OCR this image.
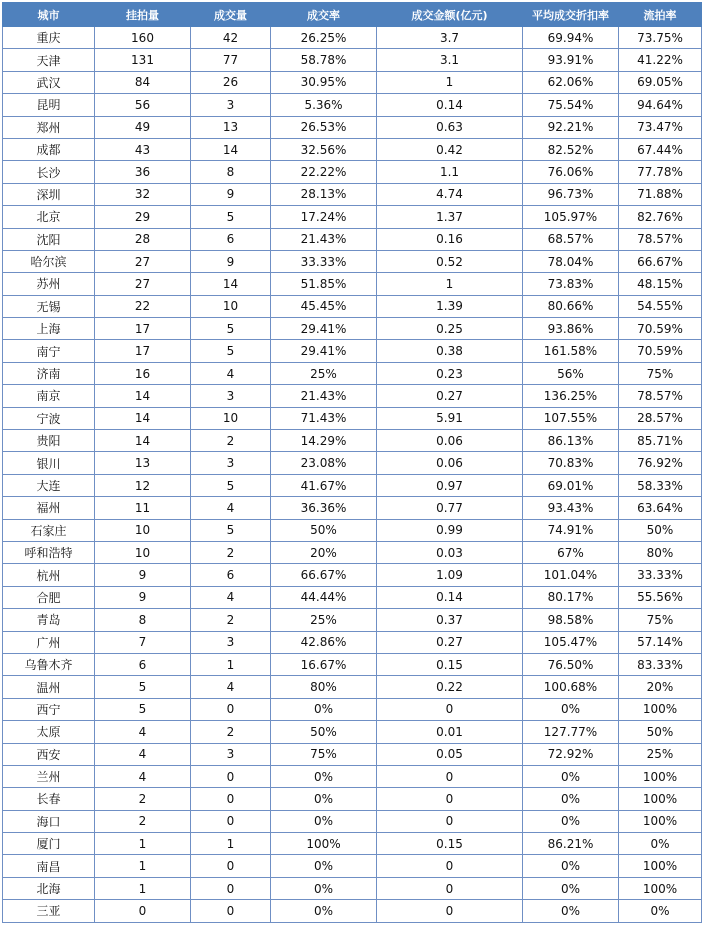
城市	挂拍量	成交量	成交率	成交金额(亿元)	平均成交折扣率	流拍率
重庆	160	42	26.25%	3.7	69.94%	73.75%
天津	131	77	58.78%	3.1	93.91%	41.22%
武汉	84	26	30.95%	1	62.06%	69.05%
昆明	56	3	5.36%	0.14	75.54%	94.64%
郑州	49	13	26.53%	0.63	92.21%	73.47%
成都	43	14	32.56%	0.42	82.52%	67.44%
长沙	36	8	22.22%	1.1	76.06%	77.78%
深圳	32	9	28.13%	4.74	96.73%	71.88%
北京	29	5	17.24%	1.37	105.97%	82.76%
沈阳	28	6	21.43%	0.16	68.57%	78.57%
哈尔滨	27	9	33.33%	0.52	78.04%	66.67%
苏州	27	14	51.85%	1	73.83%	48.15%
无锡	22	10	45.45%	1.39	80.66%	54.55%
上海	17	5	29.41%	0.25	93.86%	70.59%
南宁	17	5	29.41%	0.38	161.58%	70.59%
济南	16	4	25%	0.23	56%	75%
南京	14	3	21.43%	0.27	136.25%	78.57%
宁波	14	10	71.43%	5.91	107.55%	28.57%
贵阳	14	2	14.29%	0.06	86.13%	85.71%
银川	13	3	23.08%	0.06	70.83%	76.92%
大连	12	5	41.67%	0.97	69.01%	58.33%
福州	11	4	36.36%	0.77	93.43%	63.64%
石家庄	10	5	50%	0.99	74.91%	50%
呼和浩特	10	2	20%	0.03	67%	80%
杭州	9	6	66.67%	1.09	101.04%	33.33%
合肥	9	4	44.44%	0.14	80.17%	55.56%
青岛	8	2	25%	0.37	98.58%	75%
广州	7	3	42.86%	0.27	105.47%	57.14%
乌鲁木齐	6	1	16.67%	0.15	76.50%	83.33%
温州	5	4	80%	0.22	100.68%	20%
西宁	5	0	0%	0	0%	100%
太原	4	2	50%	0.01	127.77%	50%
西安	4	3	75%	0.05	72.92%	25%
兰州	4	0	0%	0	0%	100%
长春	2	0	0%	0	0%	100%
海口	2	0	0%	0	0%	100%
厦门	1	1	100%	0.15	86.21%	0%
南昌	1	0	0%	0	0%	100%
北海	1	0	0%	0	0%	100%
三亚	0	0	0%	0	0%	0%
